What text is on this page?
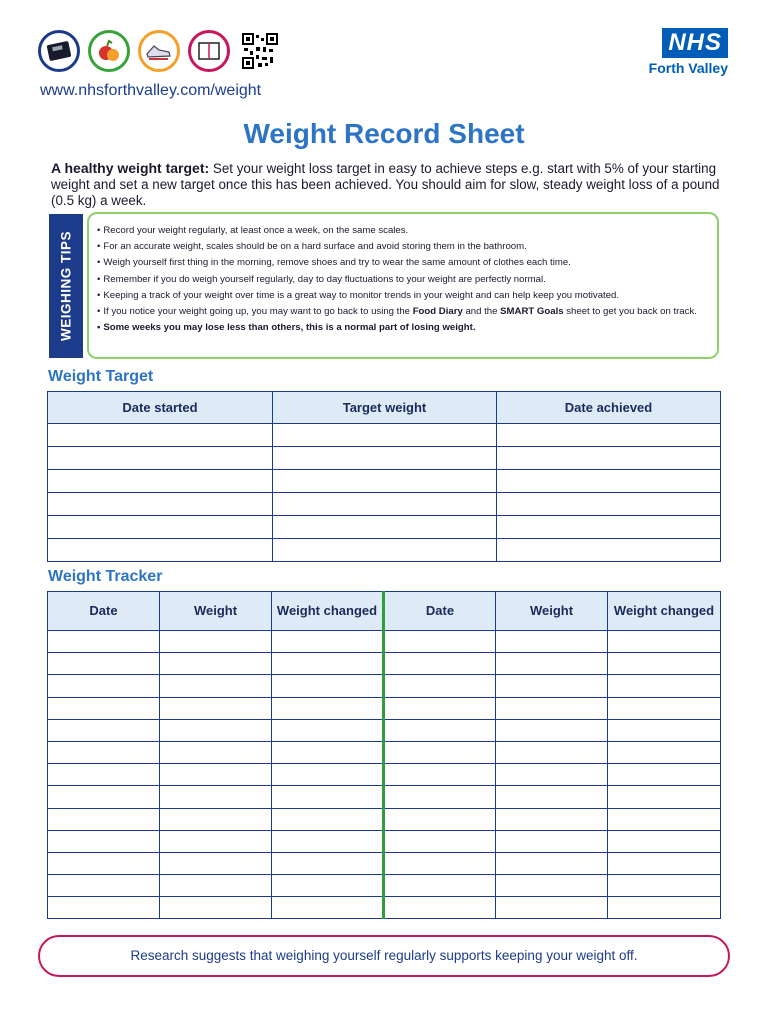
www.nhsforthvalley.com/weight
NHS
Forth Valley
Weight Record Sheet
A healthy weight target: Set your weight loss target in easy to achieve steps e.g. start with 5% of your starting weight and set a new target once this has been achieved. You should aim for slow, steady weight loss of a pound (0.5 kg) a week.
WEIGHING TIPS
• Record your weight regularly, at least once a week, on the same scales.
• For an accurate weight, scales should be on a hard surface and avoid storing them in the bathroom.
• Weigh yourself first thing in the morning, remove shoes and try to wear the same amount of clothes each time.
• Remember if you do weigh yourself regularly, day to day fluctuations to your weight are perfectly normal.
• Keeping a track of your weight over time is a great way to monitor trends in your weight and can help keep you motivated.
• If you notice your weight going up, you may want to go back to using the Food Diary and the SMART Goals sheet to get you back on track.
• Some weeks you may lose less than others, this is a normal part of losing weight.
Weight Target
Date started	Target weight	Date achieved

Weight Tracker
Date	Weight	Weight changed	Date	Weight	Weight changed

Research suggests that weighing yourself regularly supports keeping your weight off.
